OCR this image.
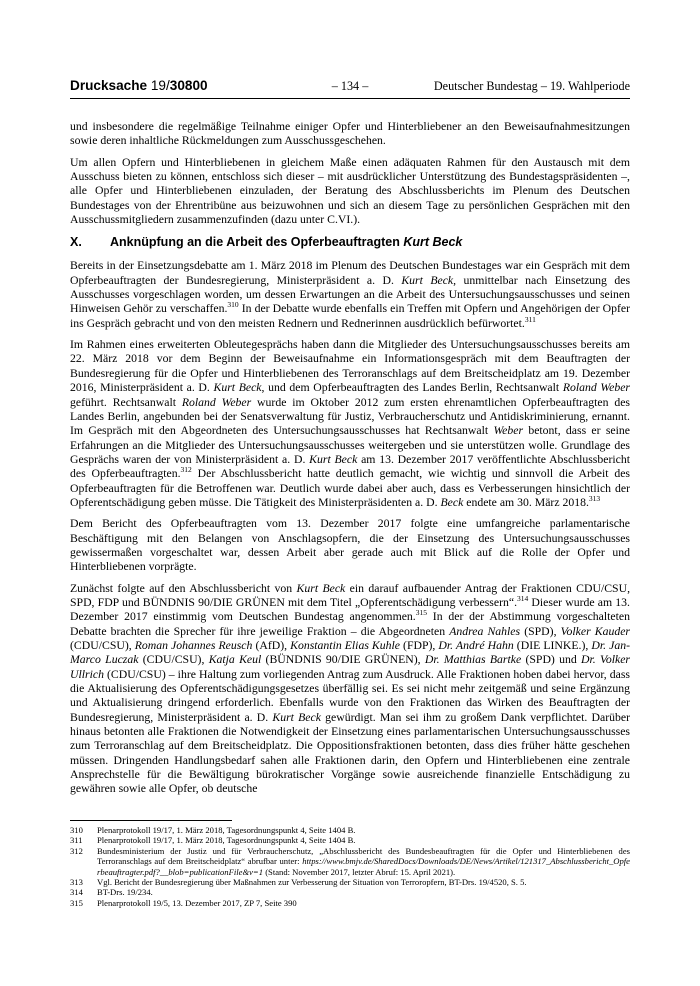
Drucksache 19/30800	– 134 –	Deutscher Bundestag – 19. Wahlperiode

und insbesondere die regelmäßige Teilnahme einiger Opfer und Hinterbliebener an den Beweisaufnahmesitzungen sowie deren inhaltliche Rückmeldungen zum Ausschussgeschehen.

Um allen Opfern und Hinterbliebenen in gleichem Maße einen adäquaten Rahmen für den Austausch mit dem Ausschuss bieten zu können, entschloss sich dieser – mit ausdrücklicher Unterstützung des Bundestagspräsidenten –, alle Opfer und Hinterbliebenen einzuladen, der Beratung des Abschlussberichts im Plenum des Deutschen Bundestages von der Ehrentribüne aus beizuwohnen und sich an diesem Tage zu persönlichen Gesprächen mit den Ausschussmitgliedern zusammenzufinden (dazu unter C.VI.).

X. Anknüpfung an die Arbeit des Opferbeauftragten Kurt Beck

Bereits in der Einsetzungsdebatte am 1. März 2018 im Plenum des Deutschen Bundestages war ein Gespräch mit dem Opferbeauftragten der Bundesregierung, Ministerpräsident a. D. Kurt Beck, unmittelbar nach Einsetzung des Ausschusses vorgeschlagen worden, um dessen Erwartungen an die Arbeit des Untersuchungsausschusses und seinen Hinweisen Gehör zu verschaffen.$^{310}$ In der Debatte wurde ebenfalls ein Treffen mit Opfern und Angehörigen der Opfer ins Gespräch gebracht und von den meisten Rednern und Rednerinnen ausdrücklich befürwortet.$^{311}$

Im Rahmen eines erweiterten Obleutegesprächs haben dann die Mitglieder des Untersuchungsausschusses bereits am 22. März 2018 vor dem Beginn der Beweisaufnahme ein Informationsgespräch mit dem Beauftragten der Bundesregierung für die Opfer und Hinterbliebenen des Terroranschlags auf dem Breitscheidplatz am 19. Dezember 2016, Ministerpräsident a. D. Kurt Beck, und dem Opferbeauftragten des Landes Berlin, Rechtsanwalt Roland Weber geführt. Rechtsanwalt Roland Weber wurde im Oktober 2012 zum ersten ehrenamtlichen Opferbeauftragten des Landes Berlin, angebunden bei der Senatsverwaltung für Justiz, Verbraucherschutz und Antidiskriminierung, ernannt. Im Gespräch mit den Abgeordneten des Untersuchungsausschusses hat Rechtsanwalt Weber betont, dass er seine Erfahrungen an die Mitglieder des Untersuchungsausschusses weitergeben und sie unterstützen wolle. Grundlage des Gesprächs waren der von Ministerpräsident a. D. Kurt Beck am 13. Dezember 2017 veröffentlichte Abschlussbericht des Opferbeauftragten.$^{312}$ Der Abschlussbericht hatte deutlich gemacht, wie wichtig und sinnvoll die Arbeit des Opferbeauftragten für die Betroffenen war. Deutlich wurde dabei aber auch, dass es Verbesserungen hinsichtlich der Opferentschädigung geben müsse. Die Tätigkeit des Ministerpräsidenten a. D. Beck endete am 30. März 2018.$^{313}$

Dem Bericht des Opferbeauftragten vom 13. Dezember 2017 folgte eine umfangreiche parlamentarische Beschäftigung mit den Belangen von Anschlagsopfern, die der Einsetzung des Untersuchungsausschusses gewissermaßen vorgeschaltet war, dessen Arbeit aber gerade auch mit Blick auf die Rolle der Opfer und Hinterbliebenen vorprägte.

Zunächst folgte auf den Abschlussbericht von Kurt Beck ein darauf aufbauender Antrag der Fraktionen CDU/CSU, SPD, FDP und BÜNDNIS 90/DIE GRÜNEN mit dem Titel „Opferentschädigung verbessern“.$^{314}$ Dieser wurde am 13. Dezember 2017 einstimmig vom Deutschen Bundestag angenommen.$^{315}$ In der der Abstimmung vorgeschalteten Debatte brachten die Sprecher für ihre jeweilige Fraktion – die Abgeordneten Andrea Nahles (SPD), Volker Kauder (CDU/CSU), Roman Johannes Reusch (AfD), Konstantin Elias Kuhle (FDP), Dr. André Hahn (DIE LINKE.), Dr. Jan-Marco Luczak (CDU/CSU), Katja Keul (BÜNDNIS 90/DIE GRÜNEN), Dr. Matthias Bartke (SPD) und Dr. Volker Ullrich (CDU/CSU) – ihre Haltung zum vorliegenden Antrag zum Ausdruck. Alle Fraktionen hoben dabei hervor, dass die Aktualisierung des Opferentschädigungsgesetzes überfällig sei. Es sei nicht mehr zeitgemäß und seine Ergänzung und Aktualisierung dringend erforderlich. Ebenfalls wurde von den Fraktionen das Wirken des Beauftragten der Bundesregierung, Ministerpräsident a. D. Kurt Beck gewürdigt. Man sei ihm zu großem Dank verpflichtet. Darüber hinaus betonten alle Fraktionen die Notwendigkeit der Einsetzung eines parlamentarischen Untersuchungsausschusses zum Terroranschlag auf dem Breitscheidplatz. Die Oppositionsfraktionen betonten, dass dies früher hätte geschehen müssen. Dringenden Handlungsbedarf sahen alle Fraktionen darin, den Opfern und Hinterbliebenen eine zentrale Ansprechstelle für die Bewältigung bürokratischer Vorgänge sowie ausreichende finanzielle Entschädigung zu gewähren sowie alle Opfer, ob deutsche

310	Plenarprotokoll 19/17, 1. März 2018, Tagesordnungspunkt 4, Seite 1404 B.
311	Plenarprotokoll 19/17, 1. März 2018, Tagesordnungspunkt 4, Seite 1404 B.
312	Bundesministerium der Justiz und für Verbraucherschutz, „Abschlussbericht des Bundesbeauftragten für die Opfer und Hinterbliebenen des Terroranschlags auf dem Breitscheidplatz“ abrufbar unter: https://www.bmjv.de/SharedDocs/Downloads/DE/News/Artikel/121317_Abschlussbericht_Opferbeauftragter.pdf?__blob=publicationFile&v=1 (Stand: November 2017, letzter Abruf: 15. April 2021).
313	Vgl. Bericht der Bundesregierung über Maßnahmen zur Verbesserung der Situation von Terroropfern, BT-Drs. 19/4520, S. 5.
314	BT-Drs. 19/234.
315	Plenarprotokoll 19/5, 13. Dezember 2017, ZP 7, Seite 390
